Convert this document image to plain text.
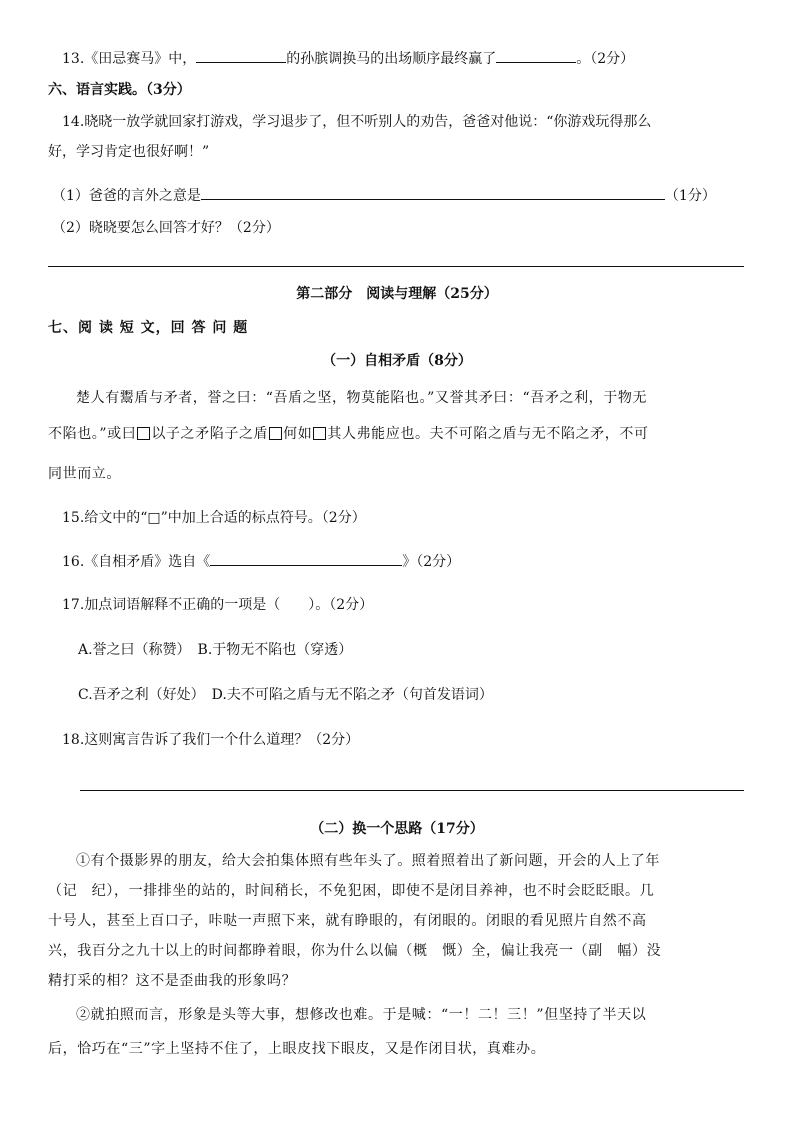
13.《田忌赛马》中，	的孙膑调换马的出场顺序最终赢了	。（2分）
六、语言实践。（3分）
14.晓晓一放学就回家打游戏，学习退步了，但不听别人的劝告，爸爸对他说：“你游戏玩得那么
好，学习肯定也很好啊！”
（1）爸爸的言外之意是	（1分）
（2）晓晓要怎么回答才好？（2分）
第二部分　阅读与理解（25分）
七、阅 读 短 文，回 答 问 题
（一）自相矛盾（8分）
楚人有鬻盾与矛者，誉之曰：“吾盾之坚，物莫能陷也。”又誉其矛曰：“吾矛之利，于物无
不陷也。”或曰 以子之矛陷子之盾 何如 其人弗能应也。夫不可陷之盾与无不陷之矛，不可
同世而立。
15.给文中的“□”中加上合适的标点符号。（2分）
16.《自相矛盾》选自《	》（2分）
17.加点词语解释不正确的一项是（　　）。（2分）
A.誉之曰（称赞）　B.于物无不陷也（穿透）
C.吾矛之利（好处）　D.夫不可陷之盾与无不陷之矛（句首发语词）
18.这则寓言告诉了我们一个什么道理？（2分）
（二）换一个思路（17分）
①有个摄影界的朋友，给大会拍集体照有些年头了。照着照着出了新问题，开会的人上了年
（记　纪），一排排坐的站的，时间稍长，不免犯困，即使不是闭目养神，也不时会眨眨眼。几
十号人，甚至上百口子，咔哒一声照下来，就有睁眼的，有闭眼的。闭眼的看见照片自然不高
兴，我百分之九十以上的时间都睁着眼，你为什么以偏（概　慨）全，偏让我亮一（副　幅）没
精打采的相？这不是歪曲我的形象吗？
②就拍照而言，形象是头等大事，想修改也难。于是喊：“一！二！三！”但坚持了半天以
后，恰巧在“三”字上坚持不住了，上眼皮找下眼皮，又是作闭目状，真难办。
